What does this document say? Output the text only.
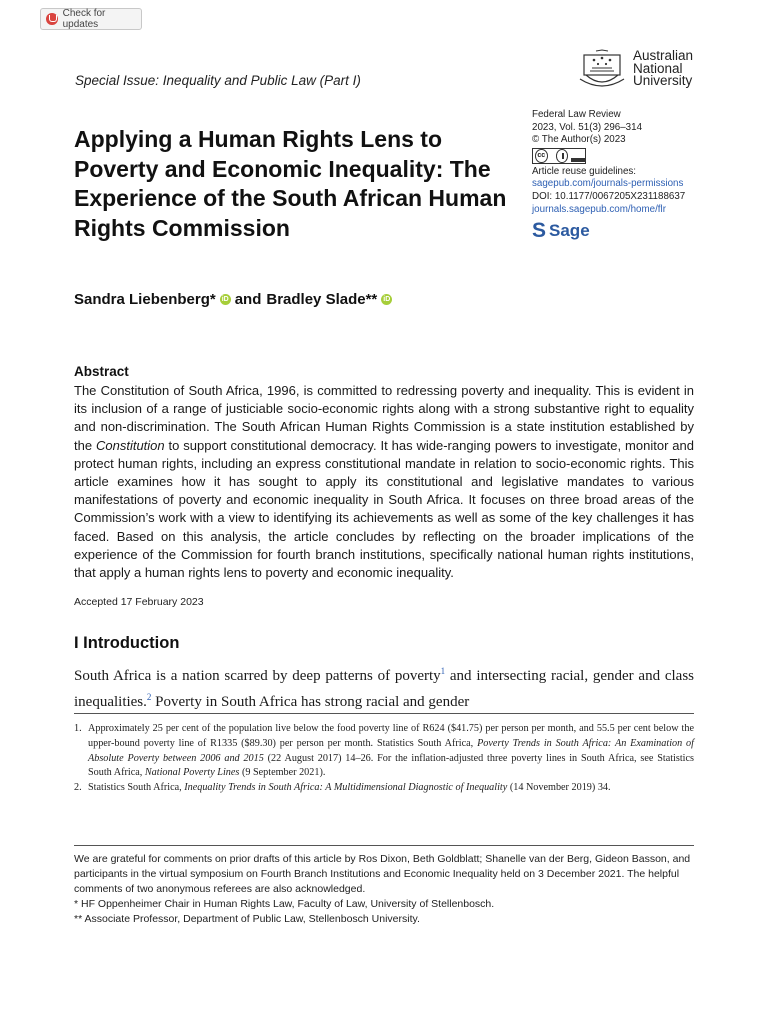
Check for updates
Australian
National
University
Special Issue: Inequality and Public Law (Part I)
Applying a Human Rights Lens to Poverty and Economic Inequality: The Experience of the South African Human Rights Commission
Federal Law Review
2023, Vol. 51(3) 296–314
© The Author(s) 2023
cc
Article reuse guidelines:
sagepub.com/journals-permissions
DOI: 10.1177/0067205X231188637
journals.sagepub.com/home/flr
S Sage
Sandra Liebenberg* iD and Bradley Slade** iD
Abstract
The Constitution of South Africa, 1996, is committed to redressing poverty and inequality. This is evident in its inclusion of a range of justiciable socio-economic rights along with a strong substantive right to equality and non-discrimination. The South African Human Rights Commission is a state institution established by the Constitution to support constitutional democracy. It has wide-ranging powers to investigate, monitor and protect human rights, including an express constitutional mandate in relation to socio-economic rights. This article examines how it has sought to apply its constitutional and legislative mandates to various manifestations of poverty and economic inequality in South Africa. It focuses on three broad areas of the Commission’s work with a view to identifying its achievements as well as some of the key challenges it has faced. Based on this analysis, the article concludes by reflecting on the broader implications of the experience of the Commission for fourth branch institutions, specifically national human rights institutions, that apply a human rights lens to poverty and economic inequality.
Accepted 17 February 2023
I Introduction
South Africa is a nation scarred by deep patterns of poverty$^1$ and intersecting racial, gender and class inequalities.$^2$ Poverty in South Africa has strong racial and gender
1. Approximately 25 per cent of the population live below the food poverty line of R624 ($41.75) per person per month, and 55.5 per cent below the upper-bound poverty line of R1335 ($89.30) per person per month. Statistics South Africa, Poverty Trends in South Africa: An Examination of Absolute Poverty between 2006 and 2015 (22 August 2017) 14–26. For the inflation-adjusted three poverty lines in South Africa, see Statistics South Africa, National Poverty Lines (9 September 2021).
2. Statistics South Africa, Inequality Trends in South Africa: A Multidimensional Diagnostic of Inequality (14 November 2019) 34.
We are grateful for comments on prior drafts of this article by Ros Dixon, Beth Goldblatt; Shanelle van der Berg, Gideon Basson, and participants in the virtual symposium on Fourth Branch Institutions and Economic Inequality held on 3 December 2021. The helpful comments of two anonymous referees are also acknowledged.
* HF Oppenheimer Chair in Human Rights Law, Faculty of Law, University of Stellenbosch.
** Associate Professor, Department of Public Law, Stellenbosch University.
